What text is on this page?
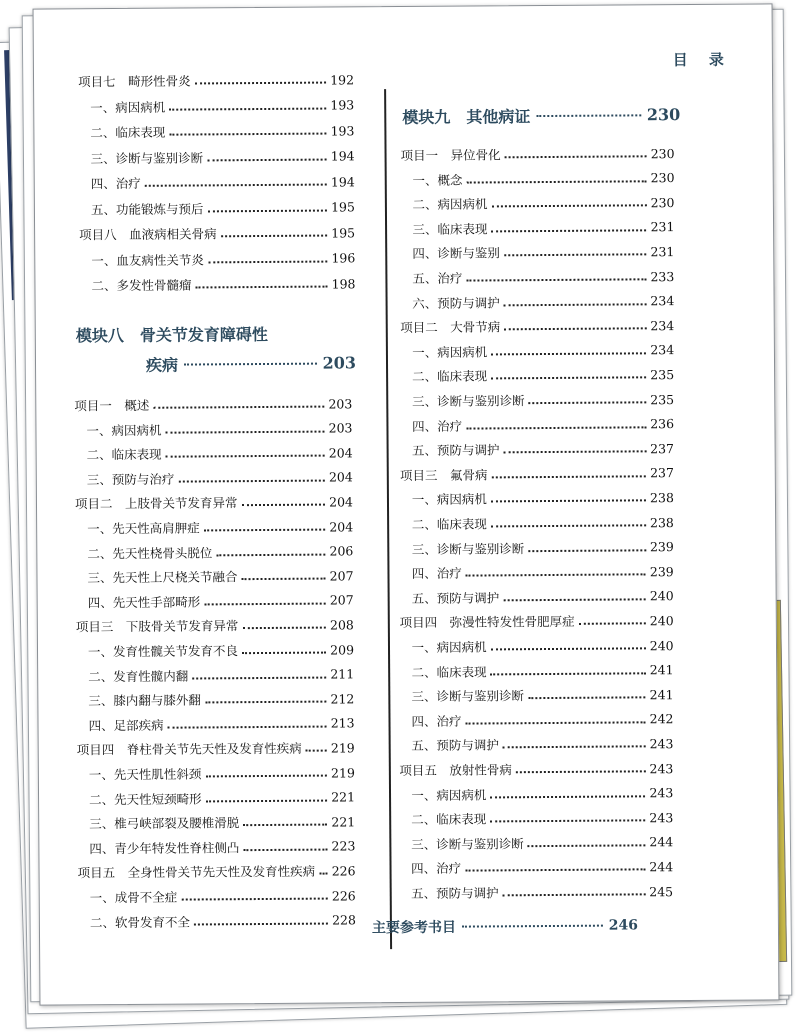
目 录
项目七　畸形性骨炎	192
一、病因病机	193
二、临床表现	193
三、诊断与鉴别诊断	194
四、治疗	194
五、功能锻炼与预后	195
项目八　血液病相关骨病	195
一、血友病性关节炎	196
二、多发性骨髓瘤	198
模块八　骨关节发育障碍性
疾病	203
项目一　概述	203
一、病因病机	203
二、临床表现	204
三、预防与治疗	204
项目二　上肢骨关节发育异常	204
一、先天性高肩胛症	204
二、先天性桡骨头脱位	206
三、先天性上尺桡关节融合	207
四、先天性手部畸形	207
项目三　下肢骨关节发育异常	208
一、发育性髋关节发育不良	209
二、发育性髋内翻	211
三、膝内翻与膝外翻	212
四、足部疾病	213
项目四　脊柱骨关节先天性及发育性疾病 219
一、先天性肌性斜颈	219
二、先天性短颈畸形	221
三、椎弓峡部裂及腰椎滑脱	221
四、青少年特发性脊柱侧凸	223
项目五　全身性骨关节先天性及发育性疾病 226
一、成骨不全症	226
二、软骨发育不全	228
模块九　其他病证	230
项目一　异位骨化	230
一、概念	230
二、病因病机	230
三、临床表现	231
四、诊断与鉴别	231
五、治疗	233
六、预防与调护	234
项目二　大骨节病	234
一、病因病机	234
二、临床表现	235
三、诊断与鉴别诊断	235
四、治疗	236
五、预防与调护	237
项目三　氟骨病	237
一、病因病机	238
二、临床表现	238
三、诊断与鉴别诊断	239
四、治疗	239
五、预防与调护	240
项目四　弥漫性特发性骨肥厚症	240
一、病因病机	240
二、临床表现	241
三、诊断与鉴别诊断	241
四、治疗	242
五、预防与调护	243
项目五　放射性骨病	243
一、病因病机	243
二、临床表现	243
三、诊断与鉴别诊断	244
四、治疗	244
五、预防与调护	245
主要参考书目	246
